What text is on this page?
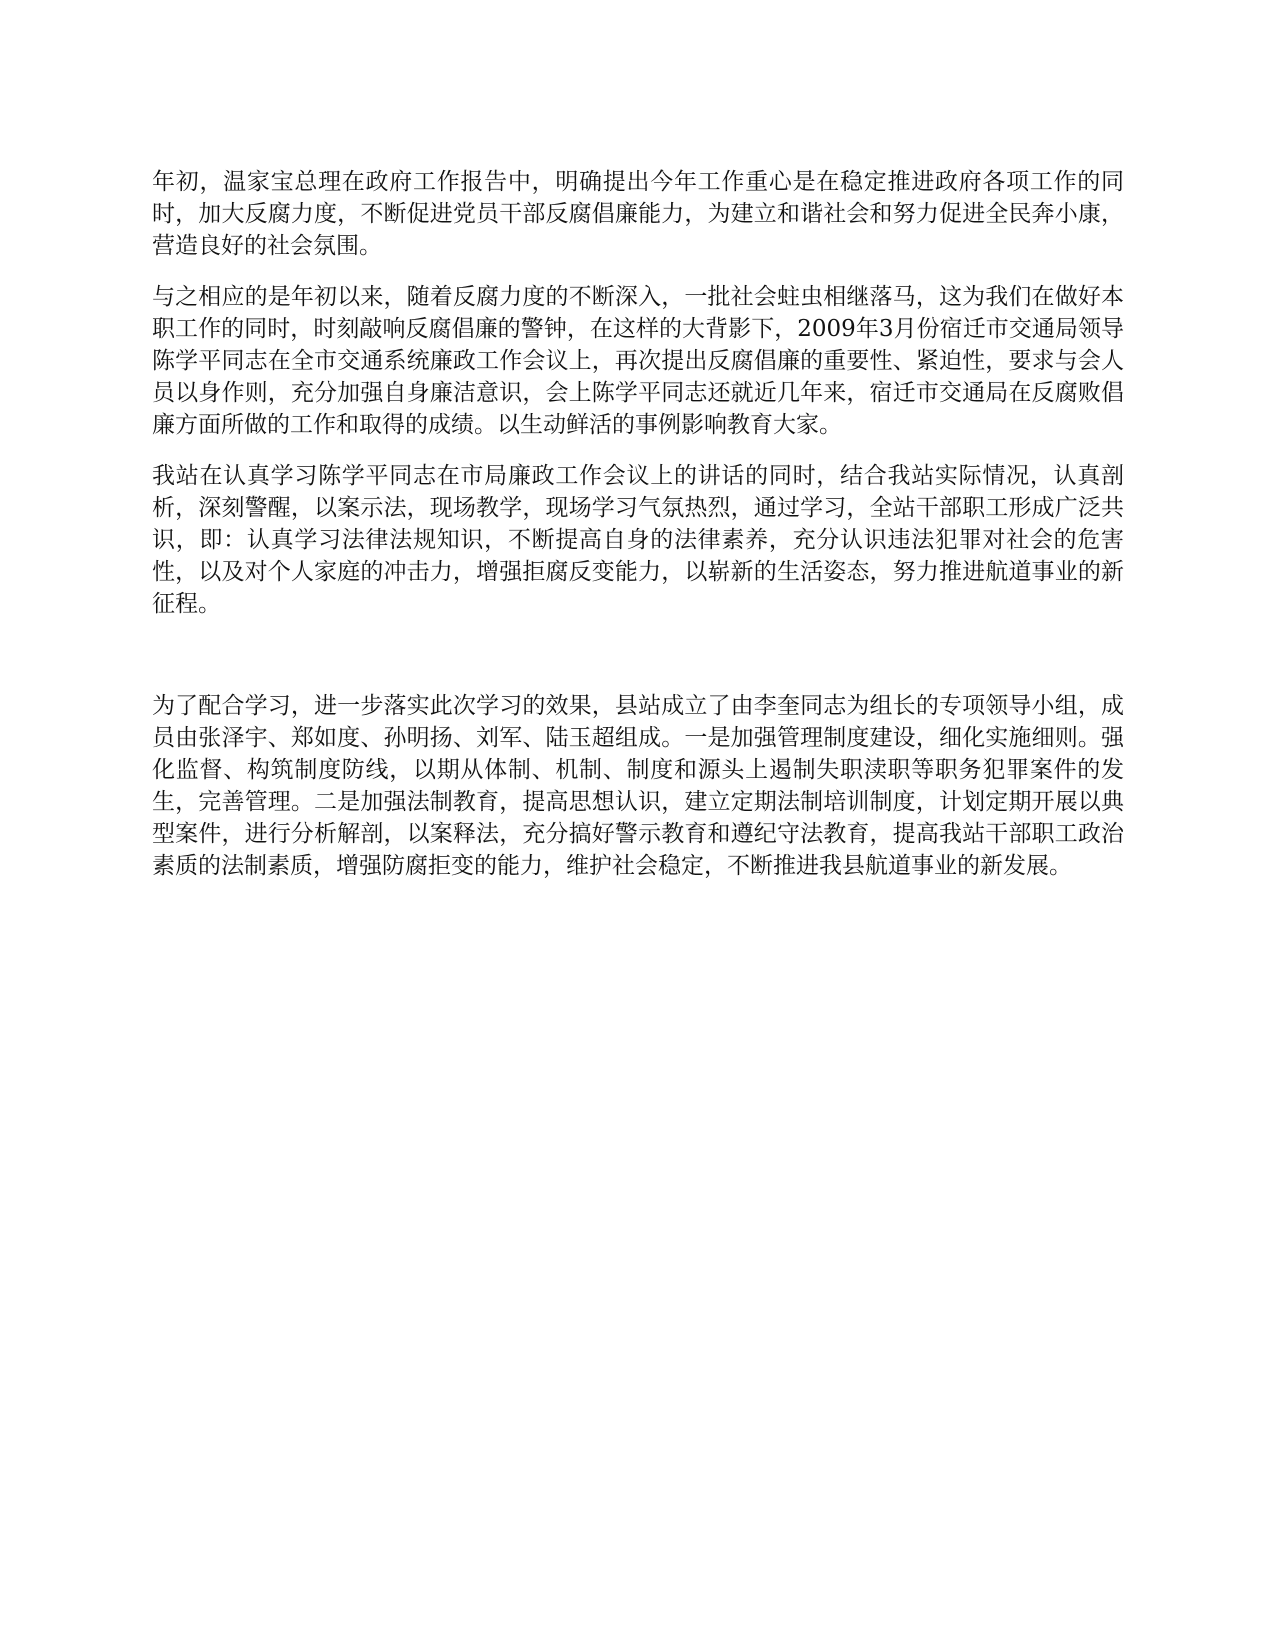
年初，温家宝总理在政府工作报告中，明确提出今年工作重心是在稳定推进政府各项工作的同时，加大反腐力度，不断促进党员干部反腐倡廉能力，为建立和谐社会和努力促进全民奔小康，营造良好的社会氛围。

与之相应的是年初以来，随着反腐力度的不断深入，一批社会蛀虫相继落马，这为我们在做好本职工作的同时，时刻敲响反腐倡廉的警钟，在这样的大背影下，2009年3月份宿迁市交通局领导陈学平同志在全市交通系统廉政工作会议上，再次提出反腐倡廉的重要性、紧迫性，要求与会人员以身作则，充分加强自身廉洁意识，会上陈学平同志还就近几年来，宿迁市交通局在反腐败倡廉方面所做的工作和取得的成绩。以生动鲜活的事例影响教育大家。

我站在认真学习陈学平同志在市局廉政工作会议上的讲话的同时，结合我站实际情况，认真剖析，深刻警醒，以案示法，现场教学，现场学习气氛热烈，通过学习，全站干部职工形成广泛共识，即：认真学习法律法规知识，不断提高自身的法律素养，充分认识违法犯罪对社会的危害性，以及对个人家庭的冲击力，增强拒腐反变能力，以崭新的生活姿态，努力推进航道事业的新征程。

为了配合学习，进一步落实此次学习的效果，县站成立了由李奎同志为组长的专项领导小组，成员由张泽宇、郑如度、孙明扬、刘军、陆玉超组成。一是加强管理制度建设，细化实施细则。强化监督、构筑制度防线，以期从体制、机制、制度和源头上遏制失职渎职等职务犯罪案件的发生，完善管理。二是加强法制教育，提高思想认识，建立定期法制培训制度，计划定期开展以典型案件，进行分析解剖，以案释法，充分搞好警示教育和遵纪守法教育，提高我站干部职工政治素质的法制素质，增强防腐拒变的能力，维护社会稳定，不断推进我县航道事业的新发展。
